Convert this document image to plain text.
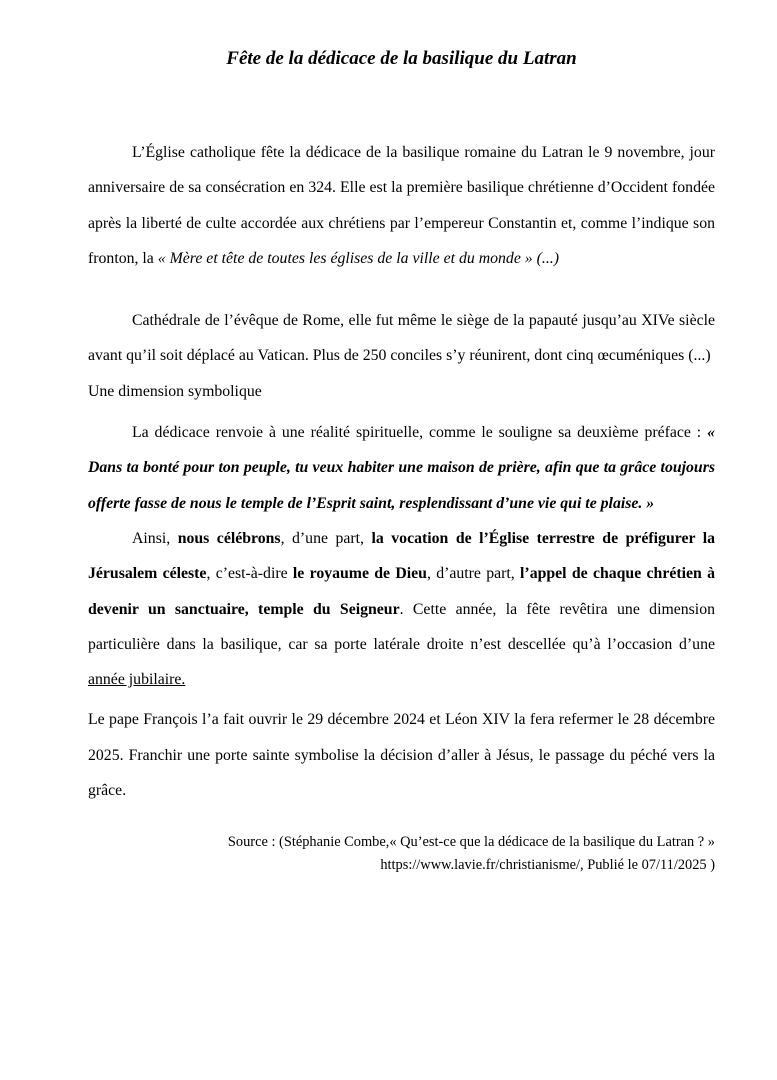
Fête de la dédicace de la basilique du Latran

L’Église catholique fête la dédicace de la basilique romaine du Latran le 9 novembre, jour anniversaire de sa consécration en 324. Elle est la première basilique chrétienne d’Occident fondée après la liberté de culte accordée aux chrétiens par l’empereur Constantin et, comme l’indique son fronton, la « Mère et tête de toutes les églises de la ville et du monde » (...)

Cathédrale de l’évêque de Rome, elle fut même le siège de la papauté jusqu’au XIVe siècle avant qu’il soit déplacé au Vatican. Plus de 250 conciles s’y réunirent, dont cinq œcuméniques (...)

Une dimension symbolique

La dédicace renvoie à une réalité spirituelle, comme le souligne sa deuxième préface : « Dans ta bonté pour ton peuple, tu veux habiter une maison de prière, afin que ta grâce toujours offerte fasse de nous le temple de l’Esprit saint, resplendissant d’une vie qui te plaise. »

Ainsi, nous célébrons, d’une part, la vocation de l’Église terrestre de préfigurer la Jérusalem céleste, c’est-à-dire le royaume de Dieu, d’autre part, l’appel de chaque chrétien à devenir un sanctuaire, temple du Seigneur. Cette année, la fête revêtira une dimension particulière dans la basilique, car sa porte latérale droite n’est descellée qu’à l’occasion d’une année jubilaire.

Le pape François l’a fait ouvrir le 29 décembre 2024 et Léon XIV la fera refermer le 28 décembre 2025. Franchir une porte sainte symbolise la décision d’aller à Jésus, le passage du péché vers la grâce.

Source : (Stéphanie Combe,« Qu’est-ce que la dédicace de la basilique du Latran ? »
https://www.lavie.fr/christianisme/, Publié le 07/11/2025 )
